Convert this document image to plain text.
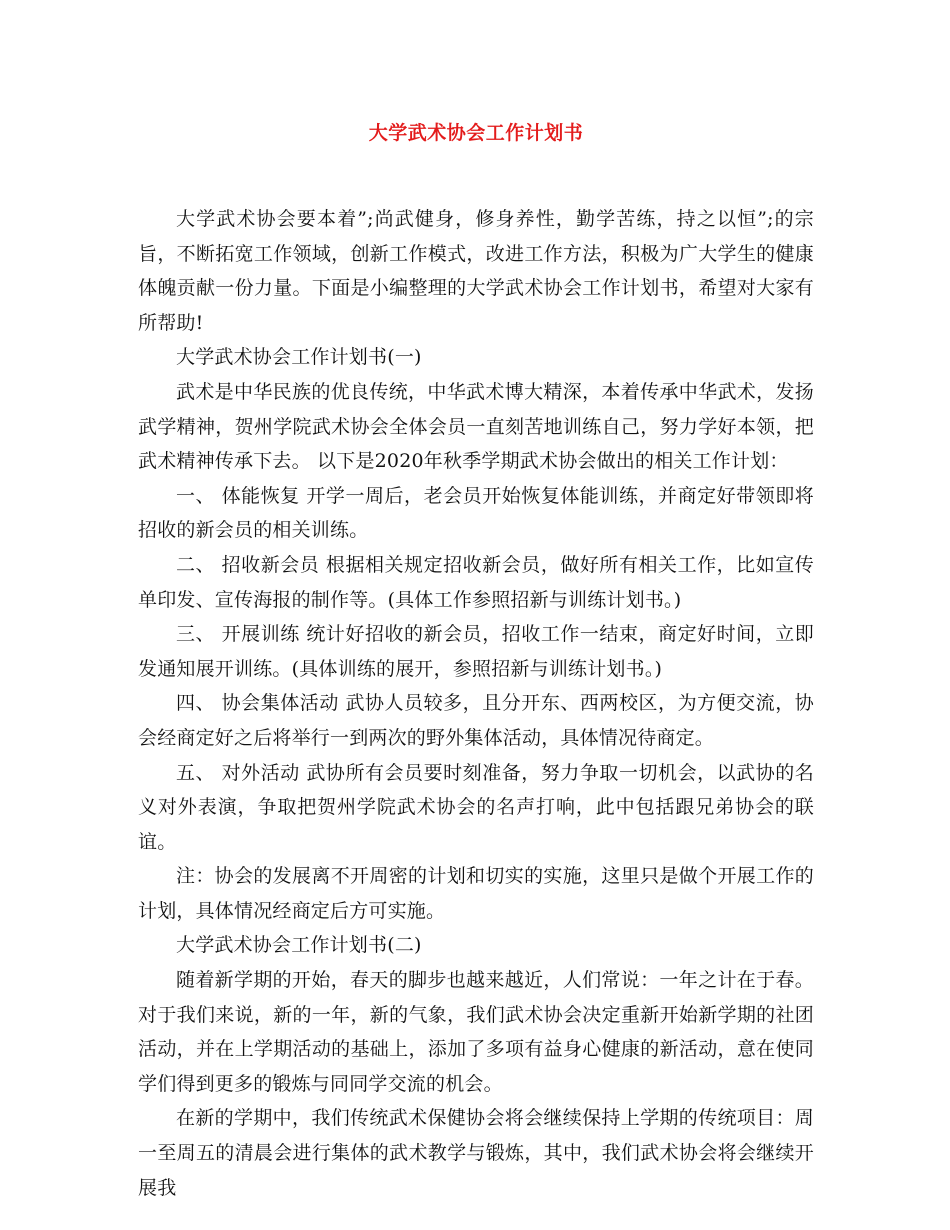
大学武术协会工作计划书

大学武术协会要本着”;尚武健身，修身养性，勤学苦练，持之以恒”;的宗旨，不断拓宽工作领域，创新工作模式，改进工作方法，积极为广大学生的健康体魄贡献一份力量。下面是小编整理的大学武术协会工作计划书，希望对大家有所帮助!

大学武术协会工作计划书(一)

武术是中华民族的优良传统，中华武术博大精深，本着传承中华武术，发扬武学精神，贺州学院武术协会全体会员一直刻苦地训练自己，努力学好本领，把武术精神传承下去。 以下是2020年秋季学期武术协会做出的相关工作计划：

一、 体能恢复 开学一周后，老会员开始恢复体能训练，并商定好带领即将招收的新会员的相关训练。

二、 招收新会员 根据相关规定招收新会员，做好所有相关工作，比如宣传单印发、宣传海报的制作等。(具体工作参照招新与训练计划书。)

三、 开展训练 统计好招收的新会员，招收工作一结束，商定好时间，立即发通知展开训练。(具体训练的展开，参照招新与训练计划书。)

四、 协会集体活动 武协人员较多，且分开东、西两校区，为方便交流，协会经商定好之后将举行一到两次的野外集体活动，具体情况待商定。

五、 对外活动 武协所有会员要时刻准备，努力争取一切机会，以武协的名义对外表演，争取把贺州学院武术协会的名声打响，此中包括跟兄弟协会的联谊。

注：协会的发展离不开周密的计划和切实的实施，这里只是做个开展工作的计划，具体情况经商定后方可实施。

大学武术协会工作计划书(二)

随着新学期的开始，春天的脚步也越来越近，人们常说：一年之计在于春。对于我们来说，新的一年，新的气象，我们武术协会决定重新开始新学期的社团活动，并在上学期活动的基础上，添加了多项有益身心健康的新活动，意在使同学们得到更多的锻炼与同同学交流的机会。

在新的学期中，我们传统武术保健协会将会继续保持上学期的传统项目：周一至周五的清晨会进行集体的武术教学与锻炼，其中，我们武术协会将会继续开展我
